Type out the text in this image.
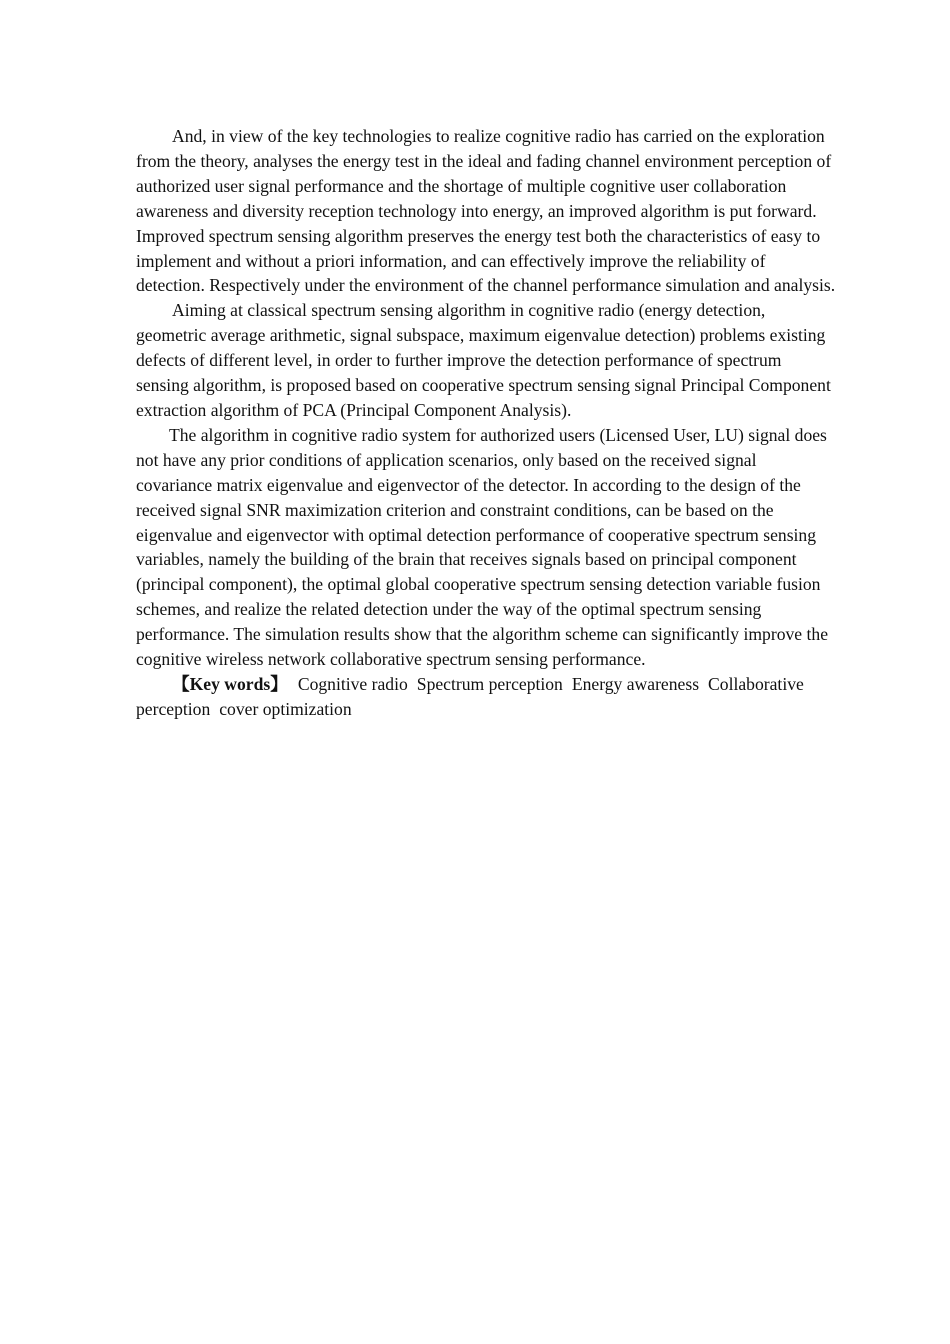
And, in view of the key technologies to realize cognitive radio has carried on the exploration from the theory, analyses the energy test in the ideal and fading channel environment perception of authorized user signal performance and the shortage of multiple cognitive user collaboration awareness and diversity reception technology into energy, an improved algorithm is put forward. Improved spectrum sensing algorithm preserves the energy test both the characteristics of easy to implement and without a priori information, and can effectively improve the reliability of detection. Respectively under the environment of the channel performance simulation and analysis.

Aiming at classical spectrum sensing algorithm in cognitive radio (energy detection, geometric average arithmetic, signal subspace, maximum eigenvalue detection) problems existing defects of different level, in order to further improve the detection performance of spectrum sensing algorithm, is proposed based on cooperative spectrum sensing signal Principal Component extraction algorithm of PCA (Principal Component Analysis).

The algorithm in cognitive radio system for authorized users (Licensed User, LU) signal does not have any prior conditions of application scenarios, only based on the received signal covariance matrix eigenvalue and eigenvector of the detector. In according to the design of the received signal SNR maximization criterion and constraint conditions, can be based on the eigenvalue and eigenvector with optimal detection performance of cooperative spectrum sensing variables, namely the building of the brain that receives signals based on principal component (principal component), the optimal global cooperative spectrum sensing detection variable fusion schemes, and realize the related detection under the way of the optimal spectrum sensing performance. The simulation results show that the algorithm scheme can significantly improve the cognitive wireless network collaborative spectrum sensing performance.

【Key words】 Cognitive radio Spectrum perception Energy awareness Collaborative perception cover optimization
